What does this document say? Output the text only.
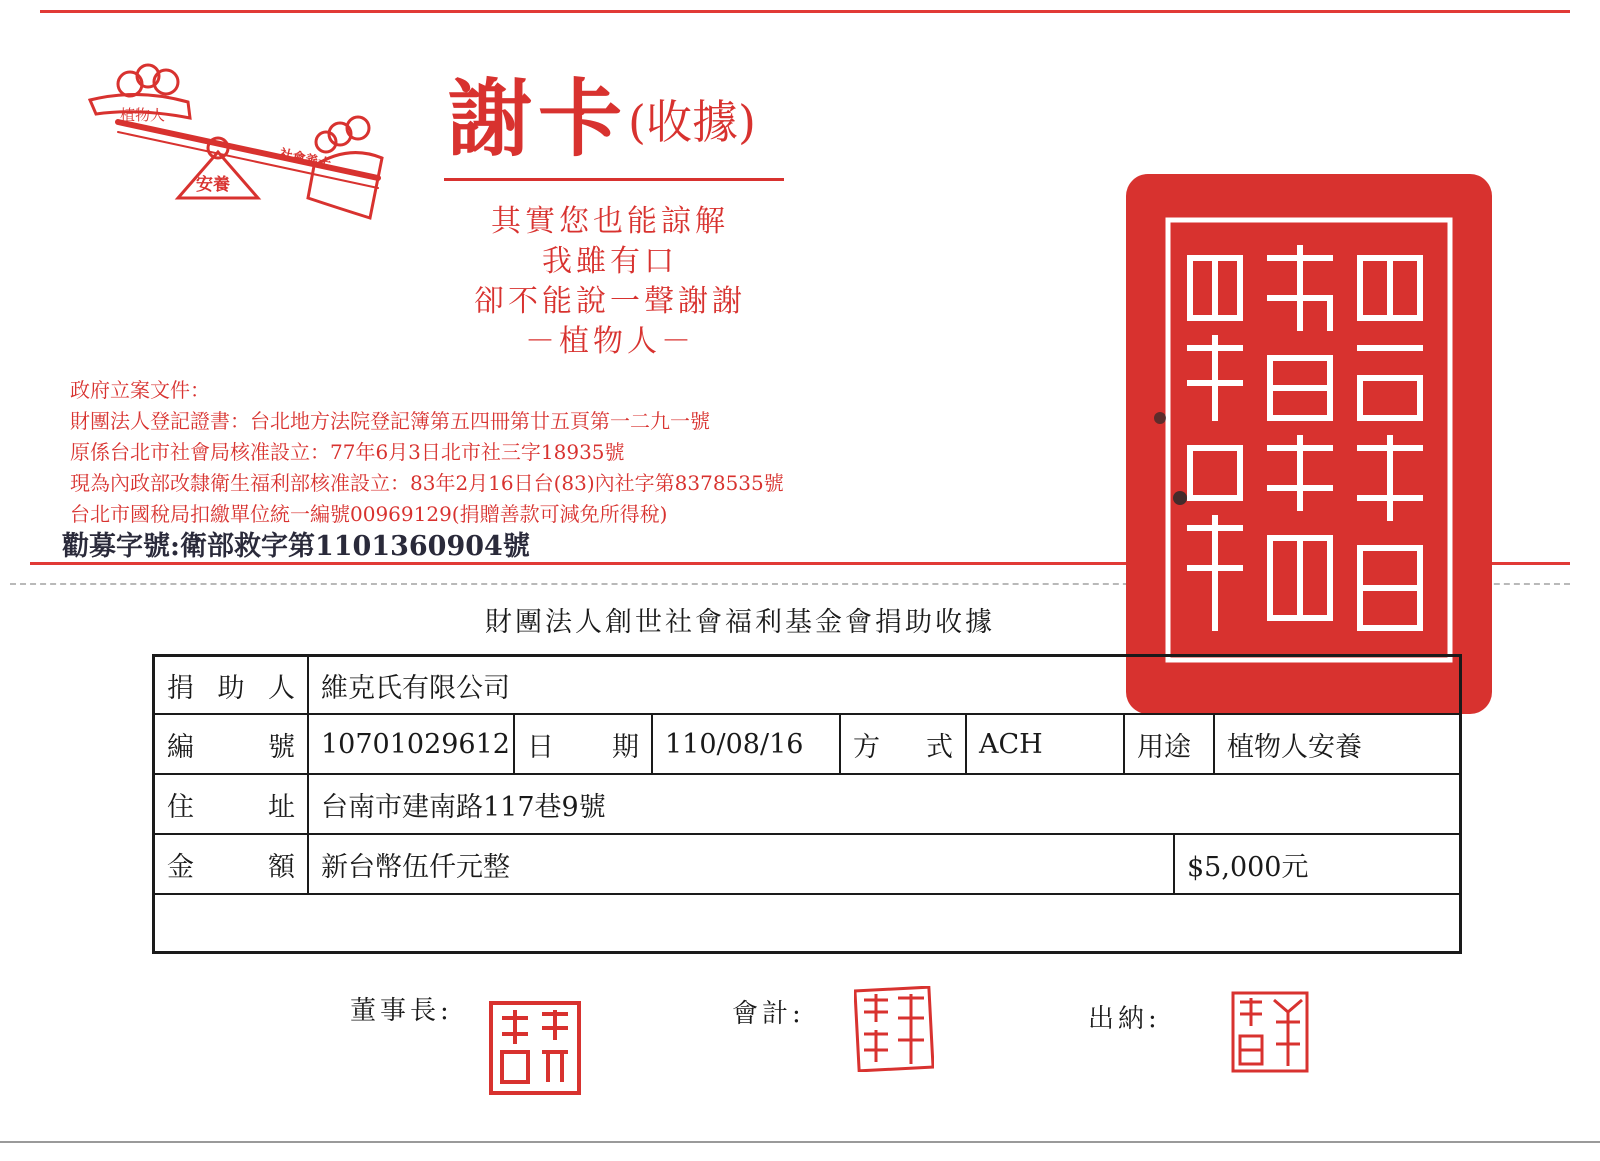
植物人
安養
社會善士 謝卡(收據)
其實您也能諒解
我雖有口
卻不能說一聲謝謝
－植物人－
政府立案文件：
財團法人登記證書：台北地方法院登記簿第五四冊第廿五頁第一二九一號
原係台北市社會局核准設立：77年6月3日北市社三字18935號
現為內政部改隸衛生福利部核准設立：83年2月16日台(83)內社字第8378535號
台北市國稅局扣繳單位統一編號00969129(捐贈善款可減免所得稅)
勸募字號:衛部救字第1101360904號
財團法人創世社會福利基金會捐助收據
捐 助 人 維克氏有限公司
編	號 10701029612 日 期 110/08/16	方 式 ACH	用途	植物人安養
住	址 台南市建南路117巷9號
金	額 新台幣伍仟元整	$5,000元
董事長:	會計:	出納:
